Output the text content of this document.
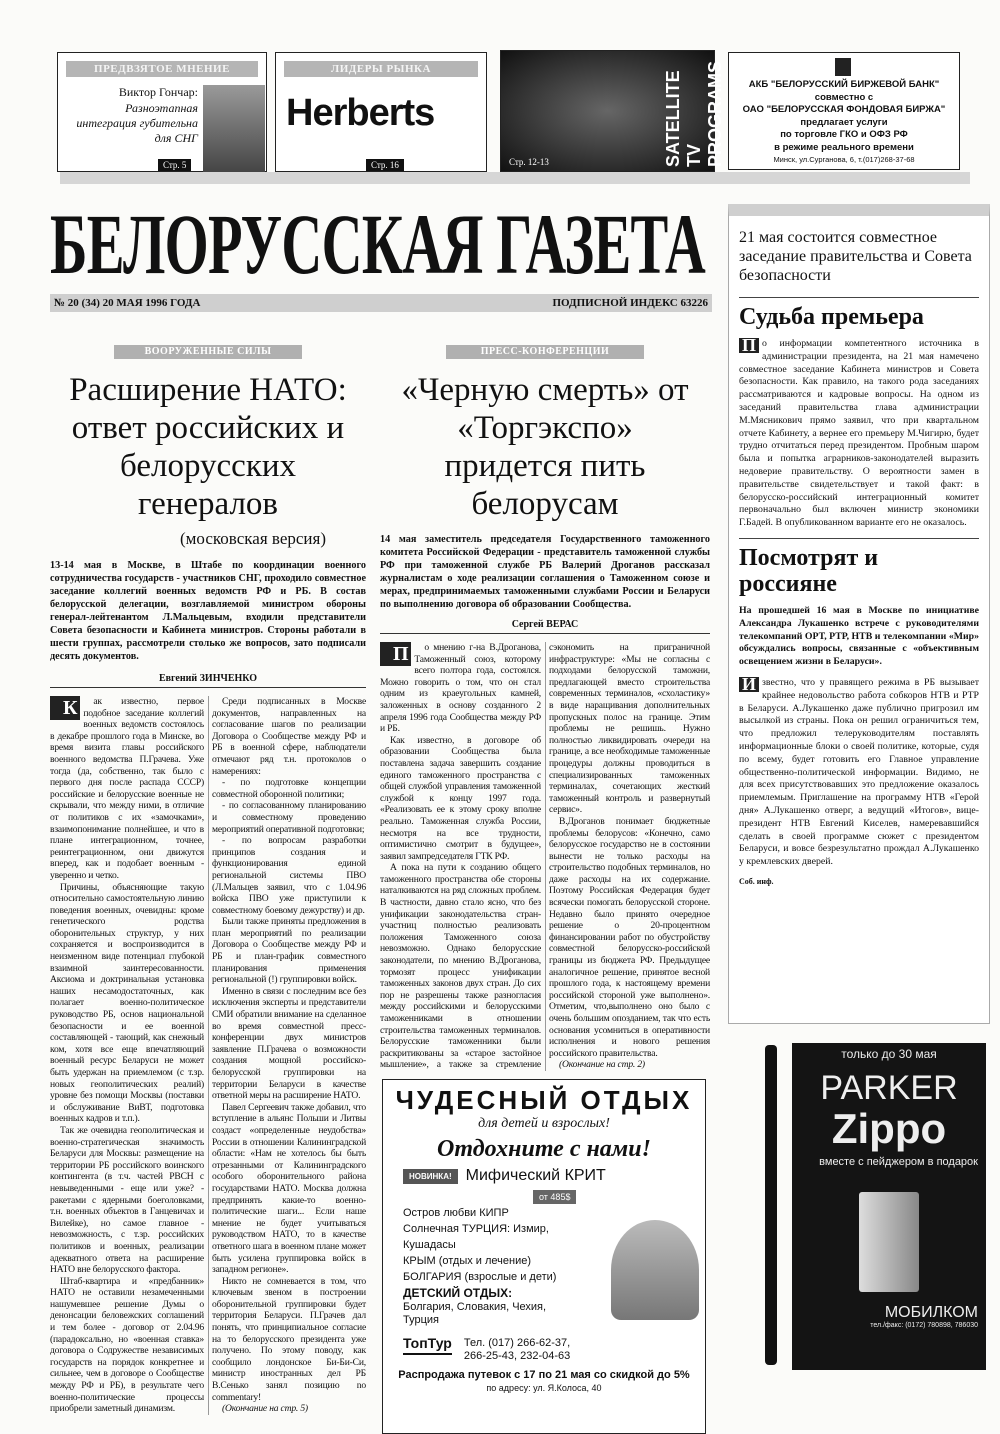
ПРЕДВЗЯТОЕ МНЕНИЕ
Виктор Гончар:
Разноэтапная интеграция губительна для СНГ
Стр. 5
ЛИДЕРЫ РЫНКА
Herberts
Стр. 16	SATELLITE TV PROGRAMS
Стр. 12-13
АКБ "БЕЛОРУССКИЙ БИРЖЕВОЙ БАНК"
совместно с
ОАО "БЕЛОРУССКАЯ ФОНДОВАЯ БИРЖА"
предлагает услуги
по торговле ГКО и ОФЗ РФ
в режиме реального времени
Минск, ул.Сурганова, 6, т.(017)268-37-68
БЕЛОРУССКАЯ ГАЗЕТА
№ 20 (34) 20 МАЯ 1996 ГОДА	ПОДПИСНОЙ ИНДЕКС 63226
ВООРУЖЕННЫЕ СИЛЫ
Расширение НАТО: ответ российских и белорусских генералов
(московская версия)
13-14 мая в Москве, в Штабе по координации военного сотрудничества государств - участников СНГ, проходило совместное заседание коллегий военных ведомств РФ и РБ. В состав белорусской делегации, возглавляемой министром обороны генерал-лейтенантом Л.Мальцевым, входили представители Совета безопасности и Кабинета министров. Стороны работали в шести группах, рассмотрели столько же вопросов, зато подписали десять документов.
Евгений ЗИНЧЕНКО

Как известно, первое подобное заседание коллегий военных ведомств состоялось в декабре прошлого года в Минске, во время визита главы российского военного ведомства П.Грачева. Уже тогда (да, собственно, так было с первого дня после распада СССР) российские и белорусские военные не скрывали, что между ними, в отличие от политиков с их «замочками», взаимопонимание полнейшее, и что в плане интеграционном, точнее, реинтеграционном, они движутся вперед, как и подобает военным - уверенно и четко.

Причины, объясняющие такую относительно самостоятельную линию поведения военных, очевидны: кроме генетического родства оборонительных структур, у них сохраняется и воспроизводится в неизменном виде потенциал глубокой взаимной заинтересованности. Аксиома и доктринальная установка наших несамодостаточных, как полагает военно-политическое руководство РБ, основ национальной безопасности и ее военной составляющей - тающий, как снежный ком, хотя все еще впечатляющий военный ресурс Беларуси не может быть удержан на приемлемом (с т.зр. новых геополитических реалий) уровне без помощи Москвы (поставки и обслуживание ВиВТ, подготовка военных кадров и т.п.).

Так же очевидна геополитическая и военно-стратегическая значимость Беларуси для Москвы: размещение на территории РБ российского воинского контингента (в т.ч. частей РВСН с невыведенными - еще или уже? - ракетами с ядерными боеголовками, т.н. военных объектов в Ганцевичах и Вилейке), но самое главное - невозможность, с т.зр. российских политиков и военных, реализации адекватного ответа на расширение НАТО вне белорусского фактора.

Штаб-квартира и «предбанник» НАТО не оставили незамеченными нашумевшее решение Думы о денонсации беловежских соглашений и тем более - договор от 2.04.96 (парадоксально, но «военная ставка» договора о Содружестве независимых государств на порядок конкретнее и сильнее, чем в договоре о Сообществе между РФ и РБ), в результате чего военно-политические процессы приобрели заметный динамизм.

Среди подписанных в Москве документов, направленных на согласование шагов по реализации Договора о Сообществе между РФ и РБ в военной сфере, наблюдатели отмечают ряд т.н. протоколов о намерениях:

- по подготовке концепции совместной оборонной политики;

- по согласованному планированию и совместному проведению мероприятий оперативной подготовки;

- по вопросам разработки принципов создания и функционирования единой региональной системы ПВО (Л.Мальцев заявил, что с 1.04.96 войска ПВО уже приступили к совместному боевому дежурству) и др.

Были также приняты предложения в план мероприятий по реализации Договора о Сообществе между РФ и РБ и план-график совместного планирования применения региональной (!) группировки войск.

Именно в связи с последним все без исключения эксперты и представители СМИ обратили внимание на сделанное во время совместной пресс-конференции двух министров заявление П.Грачева о возможности создания мощной российско-белорусской группировки на территории Беларуси в качестве ответной меры на расширение НАТО.

Павел Сергеевич также добавил, что вступление в альянс Польши и Литвы создаст «определенные неудобства» России в отношении Калининградской области: «Нам не хотелось бы быть отрезанными от Калининградского особого оборонительного района государствами НАТО. Москва должна предпринять какие-то военно-политические шаги... Если наше мнение не будет учитываться руководством НАТО, то в качестве ответного шага в военном плане может быть усилена группировка войск в западном регионе».

Никто не сомневается в том, что ключевым звеном в построении оборонительной группировки будет территория Беларуси. П.Грачев дал понять, что принципиальное согласие на то белорусского президента уже получено. По этому поводу, как сообщило лондонское Би-Би-Си, министр иностранных дел РБ В.Сенько занял позицию no commentary!

(Окончание на стр. 5)

ПРЕСС-КОНФЕРЕНЦИИ
«Черную смерть» от «Торгэкспо» придется пить белорусам
14 мая заместитель председателя Государственного таможенного комитета Российской Федерации - представитель таможенной службы РФ при таможенной службе РБ Валерий Дроганов рассказал журналистам о ходе реализации соглашения о Таможенном союзе и мерах, предпринимаемых таможенными службами России и Беларуси по выполнению договора об образовании Сообщества.
Сергей ВЕРАС

По мнению г-на В.Дроганова, Таможенный союз, которому всего полтора года, состоялся. Можно говорить о том, что он стал одним из краеугольных камней, заложенных в основу созданного 2 апреля 1996 года Сообщества между РФ и РБ.

Как известно, в договоре об образовании Сообщества была поставлена задача завершить создание единого таможенного пространства с общей службой управления таможенной службой к концу 1997 года. «Реализовать ее к этому сроку вполне реально. Таможенная служба России, несмотря на все трудности, оптимистично смотрит в будущее», заявил зампредседателя ГТК РФ.

А пока на пути к созданию общего таможенного пространства обе стороны наталкиваются на ряд сложных проблем. В частности, давно стало ясно, что без унификации законодательства стран-участниц полностью реализовать положения Таможенного союза невозможно. Однако белорусские законодатели, по мнению В.Дроганова, тормозят процесс унификации таможенных законов двух стран. До сих пор не разрешены также разногласия между российскими и белорусскими таможенниками в отношении строительства таможенных терминалов. Белорусские таможенники были раскритикованы за «старое застойное мышление», а также за стремление сэкономить на приграничной инфраструктуре: «Мы не согласны с подходами белорусской таможни, предлагающей вместо строительства современных терминалов, «схоластику» в виде наращивания дополнительных пропускных полос на границе. Этим проблемы не решишь. Нужно полностью ликвидировать очереди на границе, а все необходимые таможенные процедуры должны проводиться в специализированных таможенных терминалах, сочетающих жесткий таможенный контроль и развернутый сервис».

В.Дроганов понимает бюджетные проблемы белорусов: «Конечно, само белорусское государство не в состоянии вынести не только расходы на строительство подобных терминалов, но даже расходы на их содержание. Поэтому Российская Федерация будет всячески помогать белорусской стороне. Недавно было принято очередное решение о 20-процентном финансировании работ по обустройству совместной белорусско-российской границы из бюджета РФ. Предыдущее аналогичное решение, принятое весной прошлого года, к настоящему времени российской стороной уже выполнено». Отметим, что,выполнено оно было с очень большим опозданием, так что есть основания усомниться в оперативности исполнения и нового решения российского правительства.

(Окончание на стр. 2)

21 мая состоится совместное заседание правительства и Совета безопасности
Судьба премьера
По информации компетентного источника в администрации президента, на 21 мая намечено совместное заседание Кабинета министров и Совета безопасности. Как правило, на такого рода заседаниях рассматриваются и кадровые вопросы. На одном из заседаний правительства глава администрации М.Мясникович прямо заявил, что при квартальном отчете Кабинету, а вернее его премьеру М.Чигирю, будет трудно отчитаться перед президентом. Пробным шаром была и попытка аграрников-законодателей выразить недоверие правительству. О вероятности замен в правительстве свидетельствует и такой факт: в белорусско-российский интеграционный комитет первоначально был включен министр экономики Г.Бадей. В опубликованном варианте его не оказалось.
Посмотрят и россияне
На прошедшей 16 мая в Москве по инициативе Александра Лукашенко встрече с руководителями телекомпаний ОРТ, РТР, НТВ и телекомпании «Мир» обсуждались вопросы, связанные с «объективным освещением жизни в Беларуси».
Известно, что у правящего режима в РБ вызывает крайнее недовольство работа собкоров НТВ и РТР в Беларуси. А.Лукашенко даже публично пригрозил им высылкой из страны. Пока он решил ограничиться тем, что предложил телеруководителям поставлять информационные блоки о своей политике, которые, судя по всему, будет готовить его Главное управление общественно-политической информации. Видимо, не для всех присутствовавших это предложение оказалось приемлемым. Приглашение на программу НТВ «Герой дня» А.Лукашенко отверг, а ведущий «Итогов», вице-президент НТВ Евгений Киселев, намеревавшийся сделать в своей программе сюжет с президентом Беларуси, и вовсе безрезультатно прождал А.Лукашенко у кремлевских дверей.
Соб. инф.
ЧУДЕСНЫЙ ОТДЫХ
для детей и взрослых!
Отдохните с нами!
НОВИНКА! Мифический КРИТ
от 485$
Остров любви КИПР
Солнечная ТУРЦИЯ: Измир, Кушадасы
КРЫМ (отдых и лечение)
БОЛГАРИЯ (взрослые и дети)
ДЕТСКИЙ ОТДЫХ:
Болгария, Словакия, Чехия, Турция
ТопТур Тел. (017) 266-62-37, 266-25-43, 232-04-63
Распродажа путевок с 17 по 21 мая со скидкой до 5%
по адресу: ул. Я.Колоса, 40
только до 30 мая
PARKER
Zippo
вместе с пейджером в подарок
МОБИЛКОМ
тел./факс: (0172) 780898, 786030
